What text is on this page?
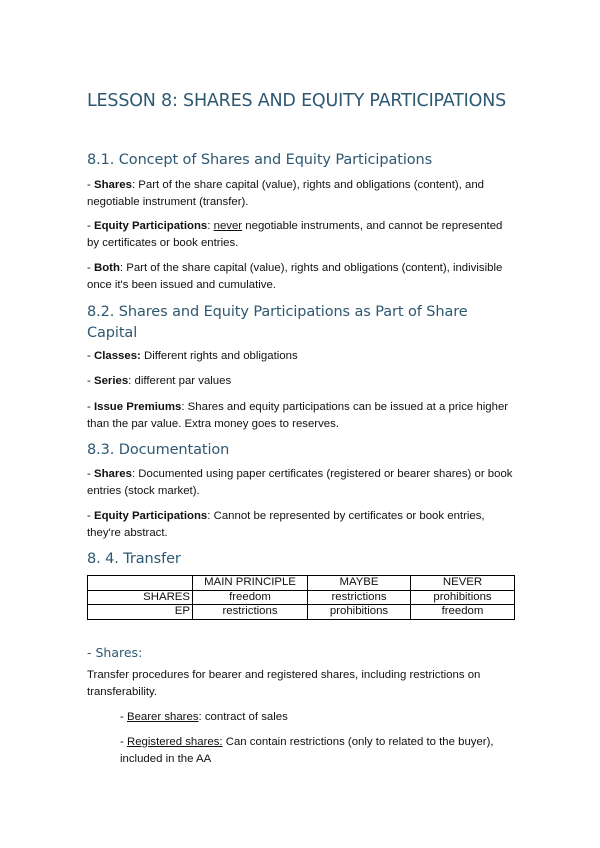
LESSON 8: SHARES AND EQUITY PARTICIPATIONS
8.1. Concept of Shares and Equity Participations
- Shares: Part of the share capital (value), rights and obligations (content), and negotiable instrument (transfer).
- Equity Participations: never negotiable instruments, and cannot be represented by certificates or book entries.
- Both: Part of the share capital (value), rights and obligations (content), indivisible once it's been issued and cumulative.
8.2. Shares and Equity Participations as Part of Share Capital
- Classes: Different rights and obligations
- Series: different par values
- Issue Premiums: Shares and equity participations can be issued at a price higher than the par value. Extra money goes to reserves.
8.3. Documentation
- Shares: Documented using paper certificates (registered or bearer shares) or book entries (stock market).
- Equity Participations: Cannot be represented by certificates or book entries, they're abstract.
8. 4. Transfer
	MAIN PRINCIPLE	MAYBE	NEVER
SHARES	freedom	restrictions	prohibitions
EP	restrictions	prohibitions	freedom
- Shares:
Transfer procedures for bearer and registered shares, including restrictions on transferability.
- Bearer shares: contract of sales
- Registered shares: Can contain restrictions (only to related to the buyer), included in the AA
